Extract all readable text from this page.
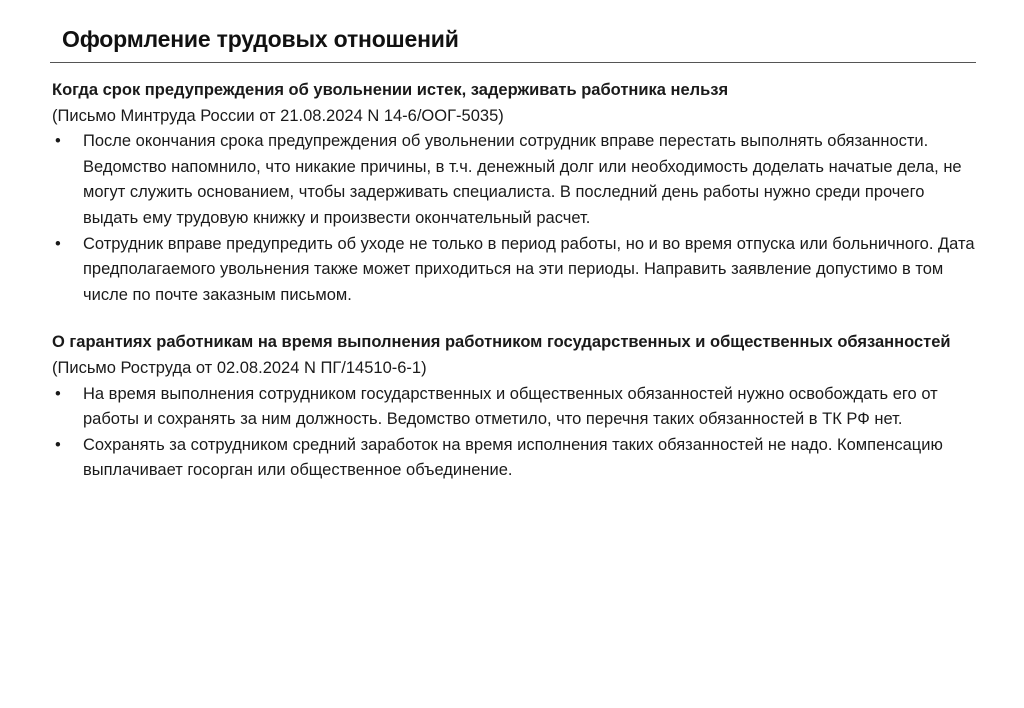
Оформление трудовых отношений

Когда срок предупреждения об увольнении истек, задерживать работника нельзя

(Письмо Минтруда России от 21.08.2024 N 14-6/ООГ-5035)

• После окончания срока предупреждения об увольнении сотрудник вправе перестать выполнять обязанности. Ведомство напомнило, что никакие причины, в т.ч. денежный долг или необходимость доделать начатые дела, не могут служить основанием, чтобы задерживать специалиста. В последний день работы нужно среди прочего выдать ему трудовую книжку и произвести окончательный расчет.
• Сотрудник вправе предупредить об уходе не только в период работы, но и во время отпуска или больничного. Дата предполагаемого увольнения также может приходиться на эти периоды. Направить заявление допустимо в том числе по почте заказным письмом.

О гарантиях работникам на время выполнения работником государственных и общественных обязанностей

(Письмо Роструда от 02.08.2024 N ПГ/14510-6-1)

• На время выполнения сотрудником государственных и общественных обязанностей нужно освобождать его от работы и сохранять за ним должность. Ведомство отметило, что перечня таких обязанностей в ТК РФ нет.
• Сохранять за сотрудником средний заработок на время исполнения таких обязанностей не надо. Компенсацию выплачивает госорган или общественное объединение.
